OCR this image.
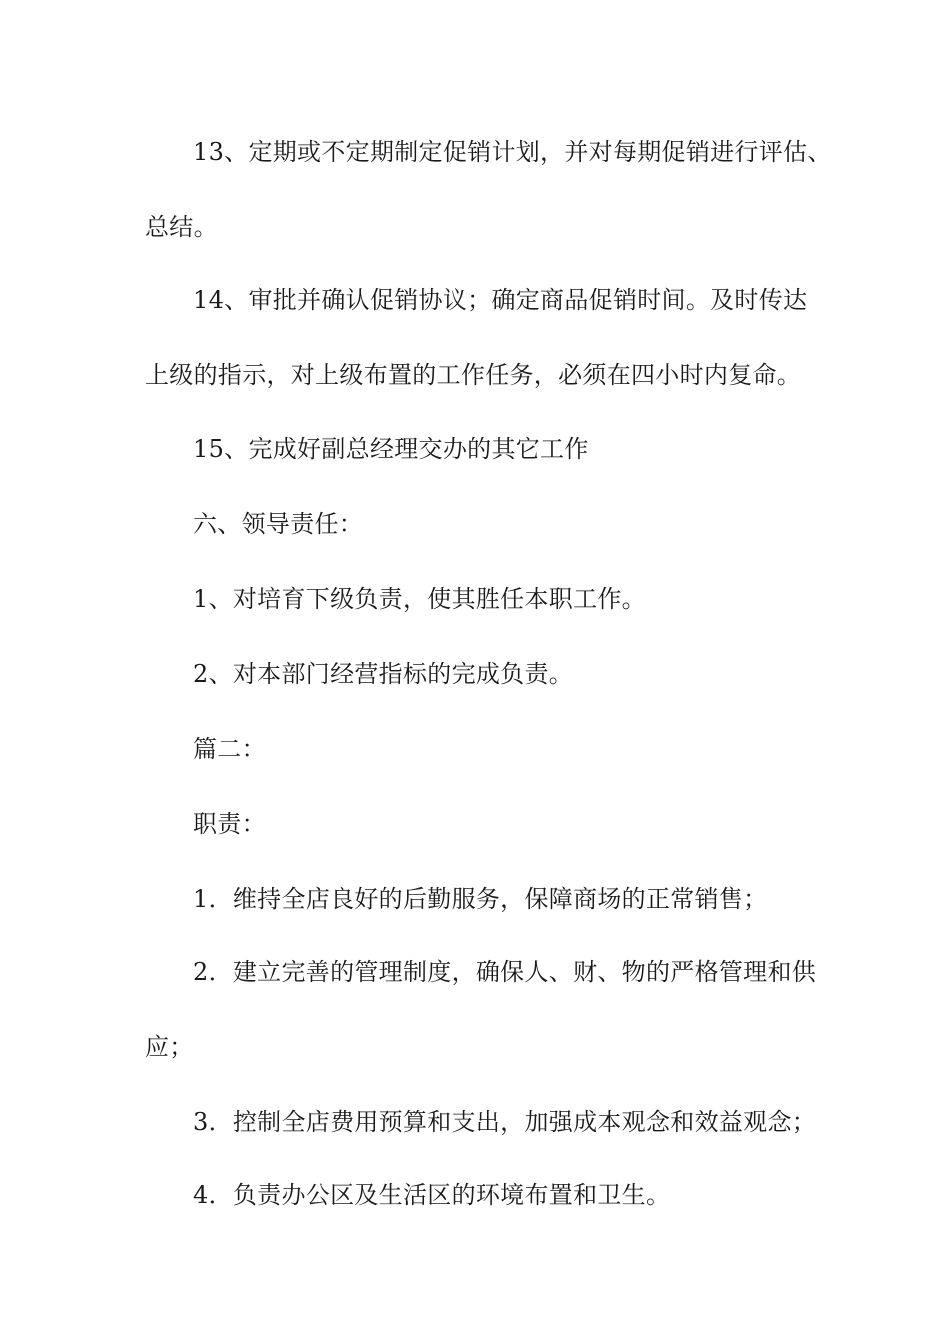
13、定期或不定期制定促销计划，并对每期促销进行评估、
总结。

14、审批并确认促销协议；确定商品促销时间。及时传达
上级的指示，对上级布置的工作任务，必须在四小时内复命。

15、完成好副总经理交办的其它工作

六、领导责任：

1、对培育下级负责，使其胜任本职工作。

2、对本部门经营指标的完成负责。

篇二：

职责：

1．维持全店良好的后勤服务，保障商场的正常销售；

2．建立完善的管理制度，确保人、财、物的严格管理和供
应；

3．控制全店费用预算和支出，加强成本观念和效益观念；

4．负责办公区及生活区的环境布置和卫生。
